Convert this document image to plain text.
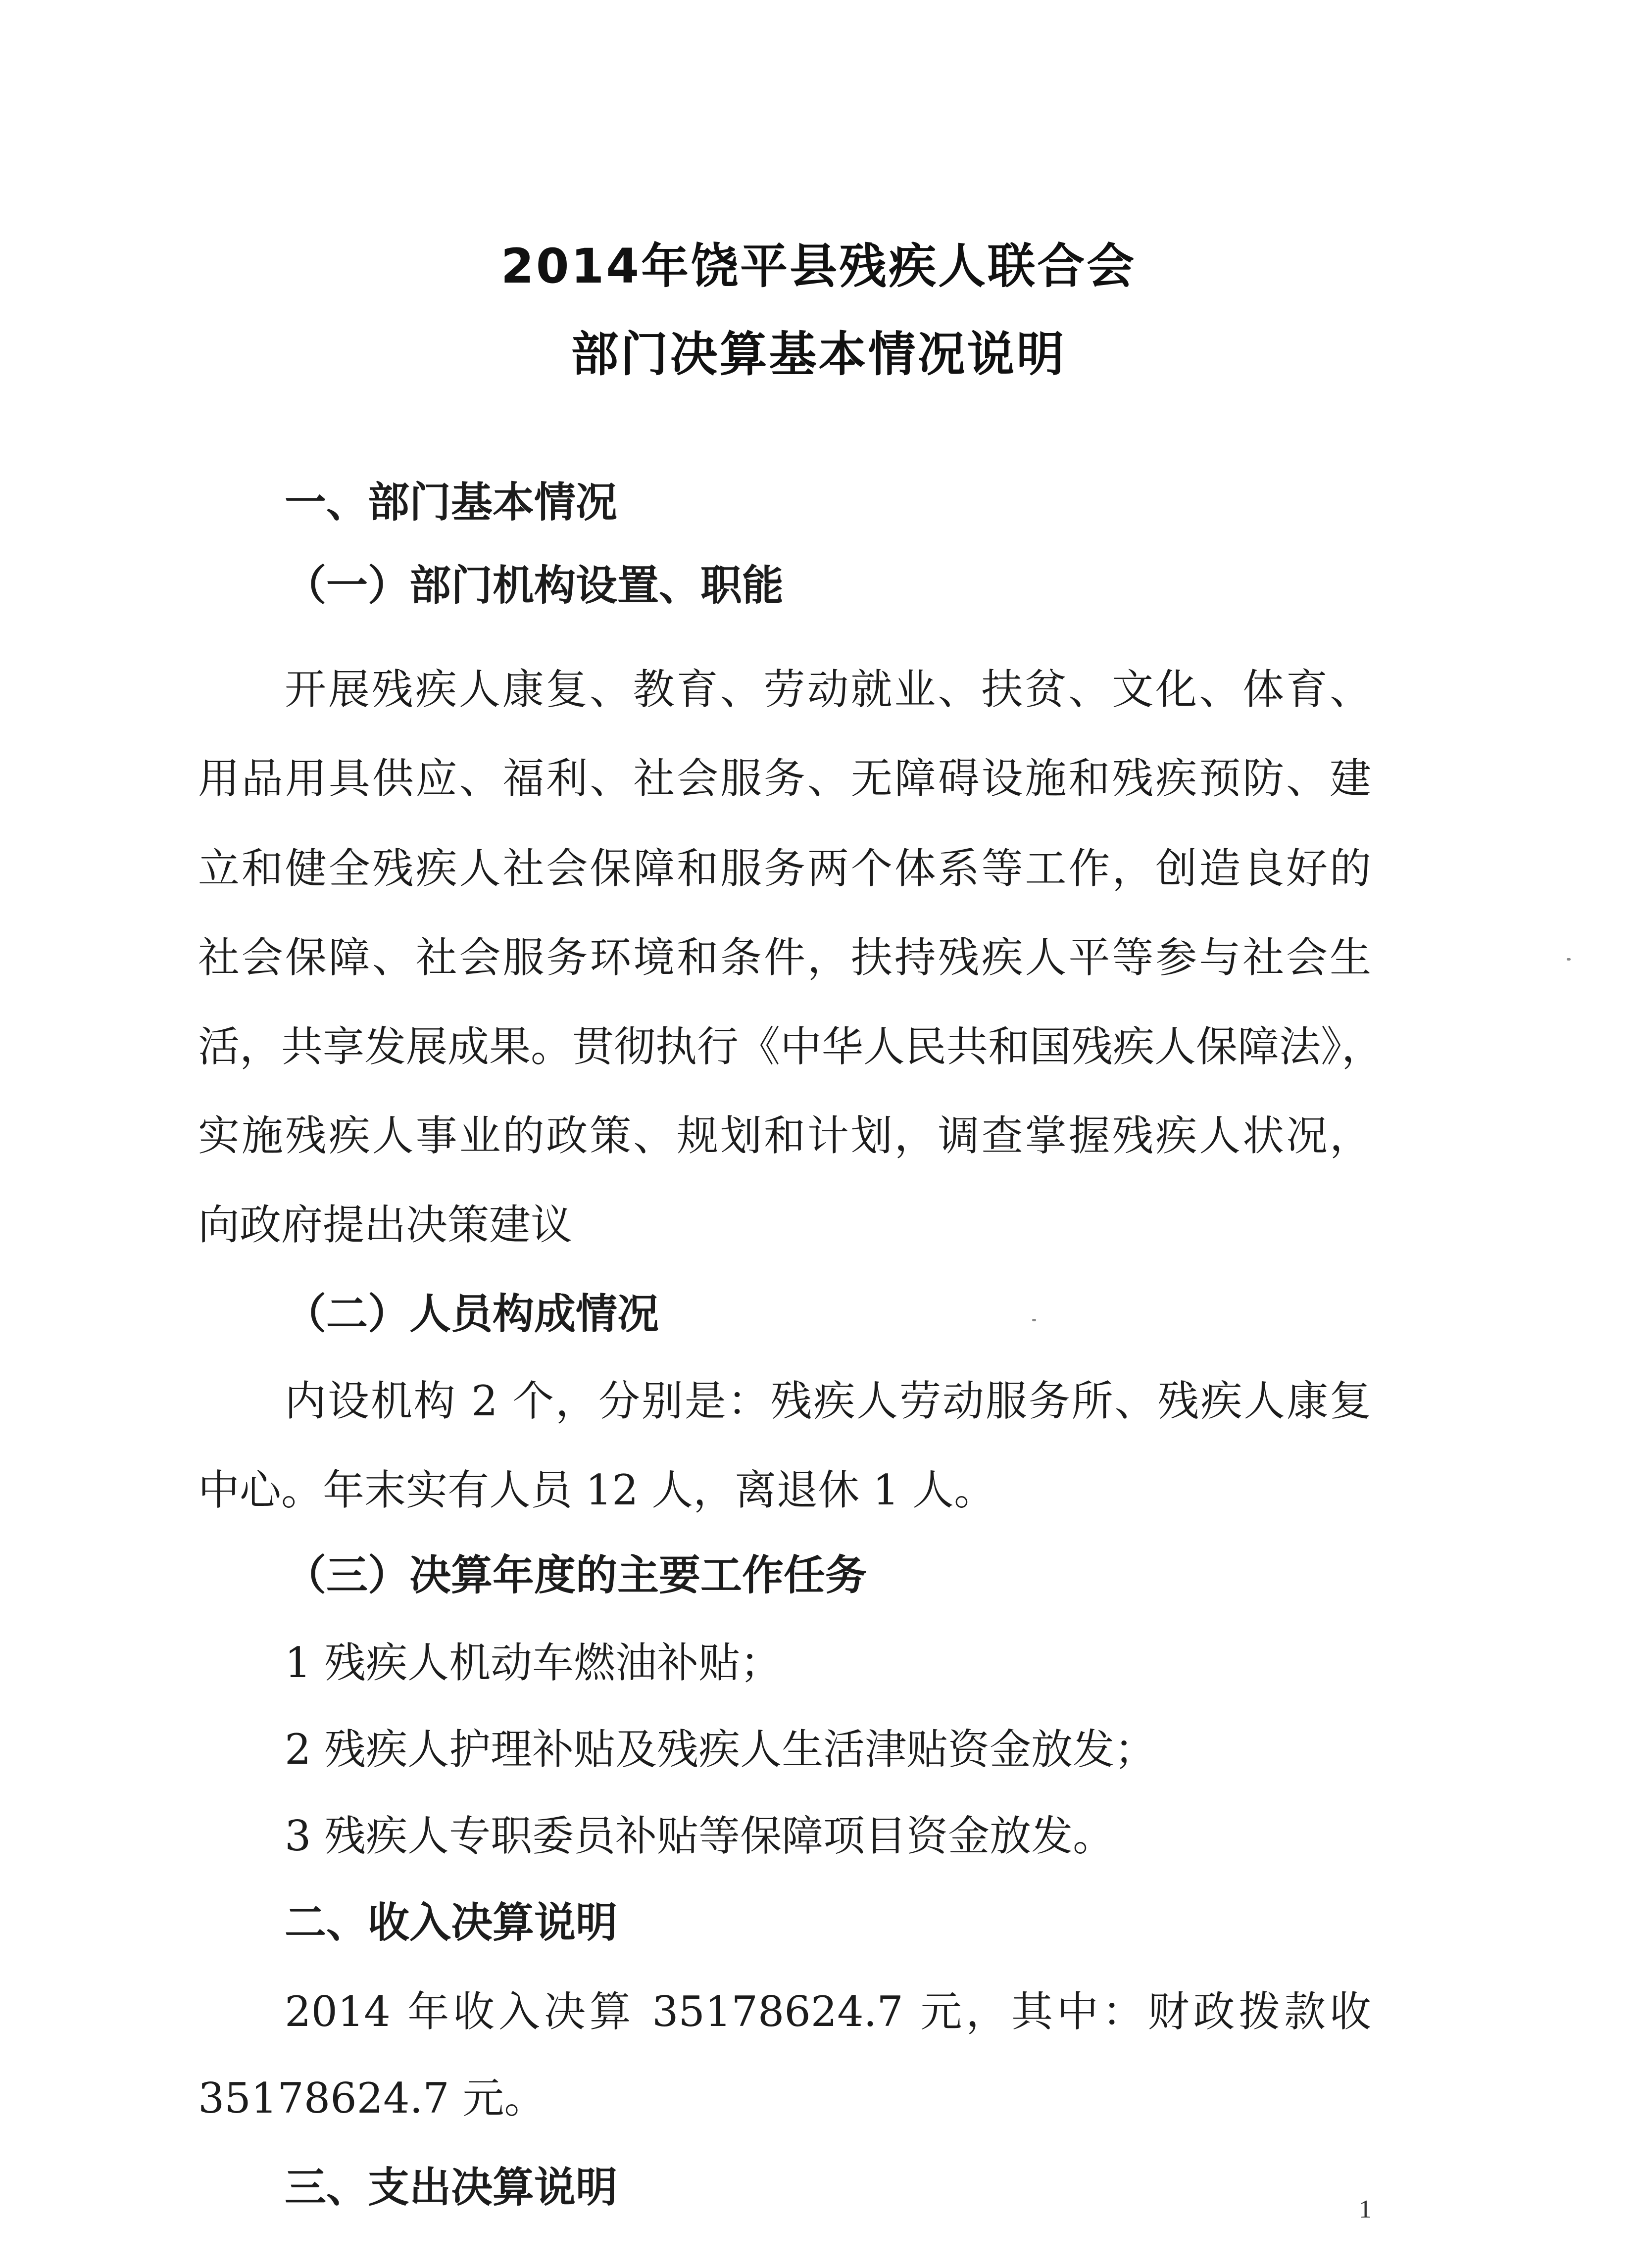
2014年饶平县残疾人联合会
部门决算基本情况说明
一、部门基本情况
（一）部门机构设置、职能
开展残疾人康复、教育、劳动就业、扶贫、文化、体育、
用品用具供应、福利、社会服务、无障碍设施和残疾预防、建
立和健全残疾人社会保障和服务两个体系等工作，创造良好的
社会保障、社会服务环境和条件，扶持残疾人平等参与社会生
活，共享发展成果。贯彻执行《中华人民共和国残疾人保障法》，
实施残疾人事业的政策、规划和计划，调查掌握残疾人状况，
向政府提出决策建议
（二）人员构成情况
内设机构 2 个，分别是：残疾人劳动服务所、残疾人康复
中心。年末实有人员 12 人，离退休 1 人。
（三）决算年度的主要工作任务
1 残疾人机动车燃油补贴；
2 残疾人护理补贴及残疾人生活津贴资金放发；
3 残疾人专职委员补贴等保障项目资金放发。
二、收入决算说明
2014 年收入决算 35178624.7 元，其中：财政拨款收
35178624.7 元。
三、支出决算说明	1
